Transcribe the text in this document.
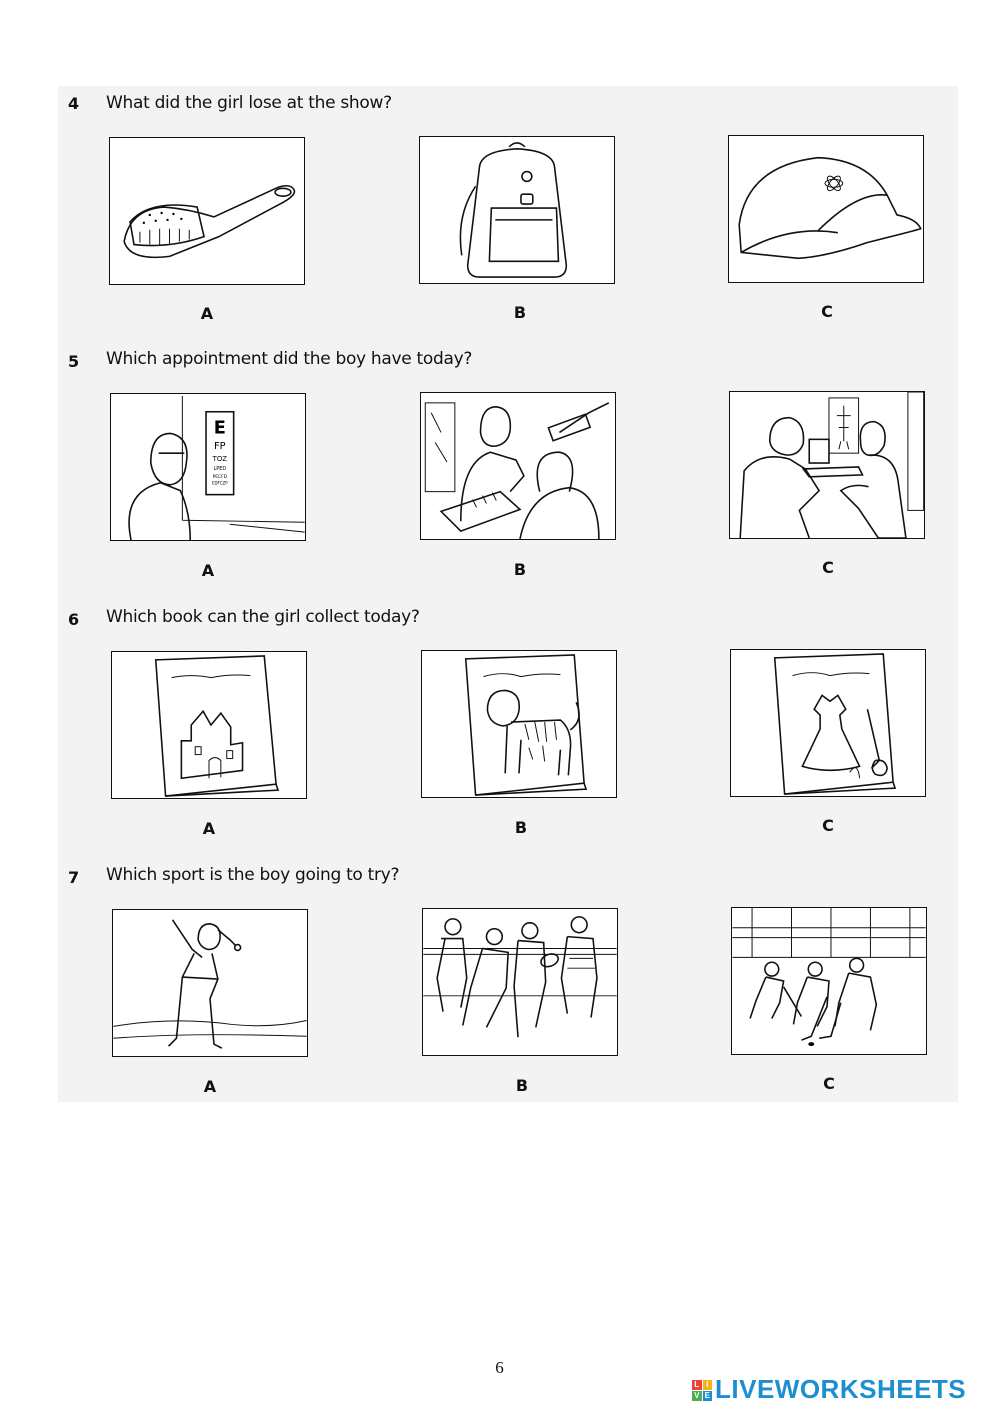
4 What did the girl lose at the show?
A	B	C
5 Which appointment did the boy have today?
E
FP
TOZ
LPED
PECFD
EDFCZP
A	B	C
6 Which book can the girl collect today?
A	B	C
7 Which sport is the boy going to try?
A	B	C
6
L I
V E LIVEWORKSHEETS
